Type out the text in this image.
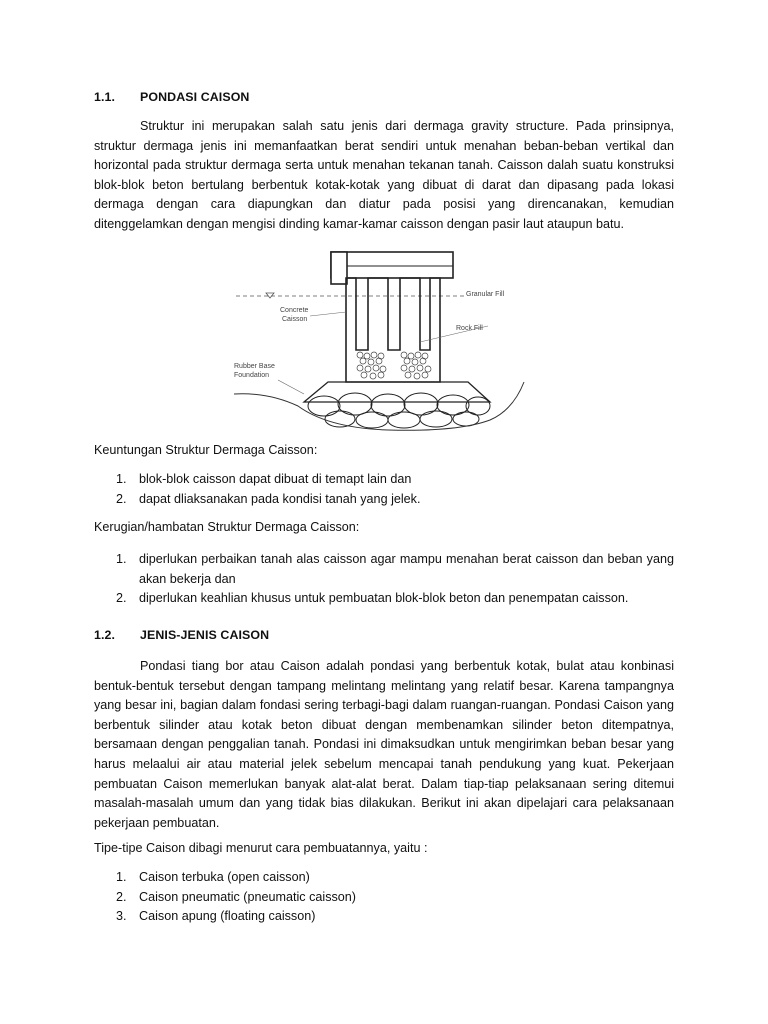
1.1. PONDASI CAISON

Struktur ini merupakan salah satu jenis dari dermaga gravity structure. Pada prinsipnya, struktur dermaga jenis ini memanfaatkan berat sendiri untuk menahan beban-beban vertikal dan horizontal pada struktur dermaga serta untuk menahan tekanan tanah. Caisson dalah suatu konstruksi blok-blok beton bertulang berbentuk kotak-kotak yang dibuat di darat dan dipasang pada lokasi dermaga dengan cara diapungkan dan diatur pada posisi yang direncanakan, kemudian ditenggelamkan dengan mengisi dinding kamar-kamar caisson dengan pasir laut ataupun batu.

Granular Fill
Concrete
Caisson
Rock Fill
Rubber Base
Foundation

Keuntungan Struktur Dermaga Caisson:

1. blok-blok caisson dapat dibuat di temapt lain dan
2. dapat dliaksanakan pada kondisi tanah yang jelek.

Kerugian/hambatan Struktur Dermaga Caisson:

1. diperlukan perbaikan tanah alas caisson agar mampu menahan berat caisson dan beban yang akan bekerja dan
2. diperlukan keahlian khusus untuk pembuatan blok-blok beton dan penempatan caisson.
1.2. JENIS-JENIS CAISON

Pondasi tiang bor atau Caison adalah pondasi yang berbentuk kotak, bulat atau konbinasi bentuk-bentuk tersebut dengan tampang melintang melintang yang relatif besar. Karena tampangnya yang besar ini, bagian dalam fondasi sering terbagi-bagi dalam ruangan-ruangan. Pondasi Caison yang berbentuk silinder atau kotak beton dibuat dengan membenamkan silinder beton ditempatnya, bersamaan dengan penggalian tanah. Pondasi ini dimaksudkan untuk mengirimkan beban besar yang harus melaalui air atau material jelek sebelum mencapai tanah pendukung yang kuat. Pekerjaan pembuatan Caison memerlukan banyak alat-alat berat. Dalam tiap-tiap pelaksanaan sering ditemui masalah-masalah umum dan yang tidak bias dilakukan. Berikut ini akan dipelajari cara pelaksanaan pekerjaan pembuatan.

Tipe-tipe Caison dibagi menurut cara pembuatannya, yaitu :

1. Caison terbuka (open caisson)
2. Caison pneumatic (pneumatic caisson)
3. Caison apung (floating caisson)
